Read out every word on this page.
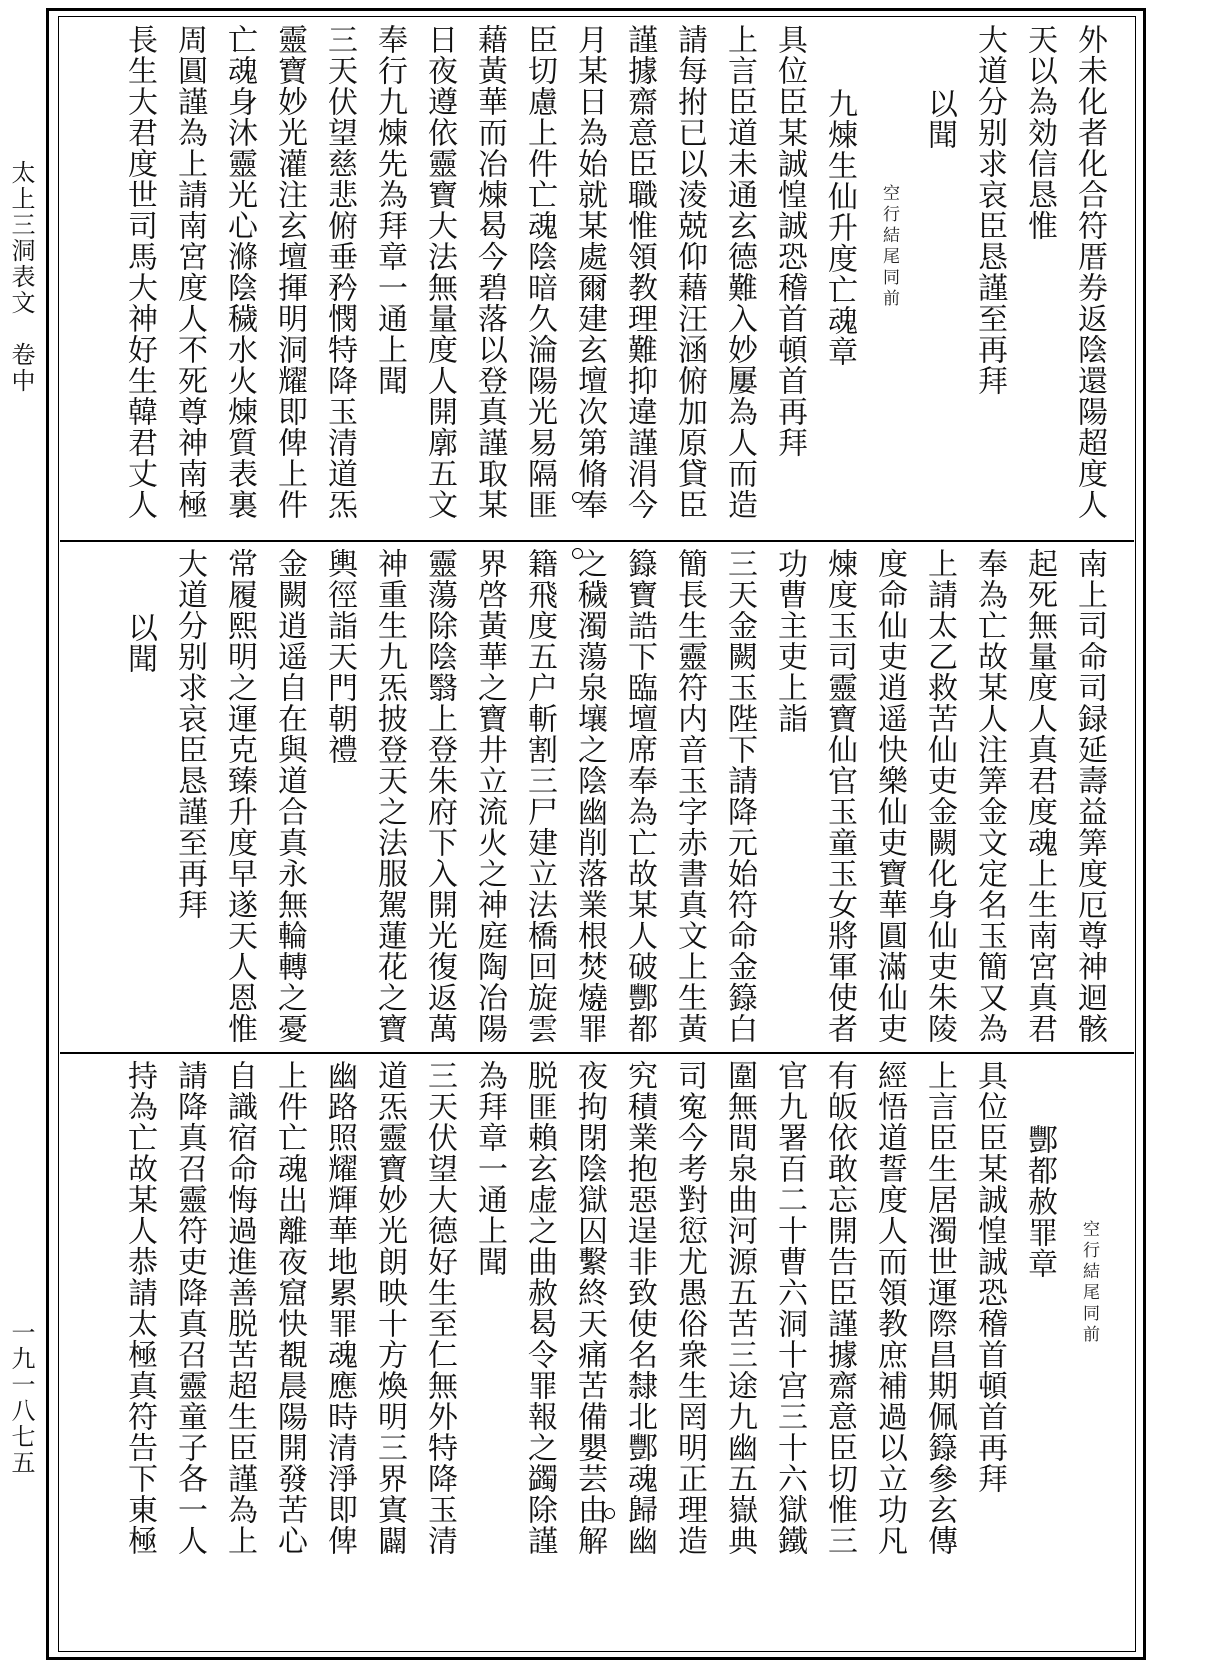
太上三洞表文　卷中
一九一八七五
外未化者化合符厝券返陰還陽超度人
天以為効信恳惟
大道分别求哀臣恳謹至再拜
以聞
空行結尾同前
九煉生仙升度亡魂章
具位臣某誠惶誠恐稽首頓首再拜
上言臣道未通玄德難入妙屢為人而造
請每拊已以淩兢仰藉汪涵俯加原貸臣
謹據齋意臣職惟領教理難抑違謹涓今
月某日為始就某處爾建玄壇次第脩奉
臣切慮上件亡魂陰暗久淪陽光易隔匪
藉黃華而冶煉曷今碧落以登真謹取某
日夜遵依靈寶大法無量度人開廓五文
奉行九煉先為拜章一通上聞
三天伏望慈悲俯垂矜憫特降玉清道炁
靈寶妙光灌注玄壇揮明洞耀即俾上件
亡魂身沐靈光心滌陰穢水火煉質表裏
周圓謹為上請南宮度人不死尊神南極
長生大君度世司馬大神好生韓君丈人
南上司命司録延壽益筭度厄尊神迴骸
起死無量度人真君度魂上生南宮真君
奉為亡故某人注筭金文定名玉簡又為
上請太乙救苦仙吏金闕化身仙吏朱陵
度命仙吏逍遥快樂仙吏寶華圓滿仙吏
煉度玉司靈寶仙官玉童玉女將軍使者
功曹主吏上詣
三天金闕玉陛下請降元始符命金籙白
簡長生靈符内音玉字赤書真文上生黃
籙寶誥下臨壇席奉為亡故某人破酆都
之穢濁蕩泉壤之陰幽削落業根焚燒罪
籍飛度五户斬割三尸建立法橋回旋雲
界啓黃華之寶井立流火之神庭陶冶陽
靈蕩除陰翳上登朱府下入開光復返萬
神重生九炁披登天之法服駕蓮花之寶
輿徑詣天門朝禮
金闕逍遥自在與道合真永無輪轉之憂
常履熙明之運克臻升度早遂天人恩惟
大道分别求哀臣恳謹至再拜
以聞
空行結尾同前
酆都赦罪章
具位臣某誠惶誠恐稽首頓首再拜
上言臣生居濁世運際昌期佩籙參玄傳
經悟道誓度人而領教庶補過以立功凡
有皈依敢忘開告臣謹據齋意臣切惟三
官九署百二十曹六洞十宫三十六獄鐵
圍無間泉曲河源五苦三途九幽五嶽典
司寃今考對愆尤愚俗衆生罔明正理造
究積業抱惡逞非致使名隸北酆魂歸幽
夜拘閉陰獄囚繫終天痛苦備嬰芸由解
脱匪賴玄虚之曲赦曷令罪報之蠲除謹
為拜章一通上聞
三天伏望大德好生至仁無外特降玉清
道炁靈寶妙光朗映十方煥明三界寘闢
幽路照耀輝華地累罪魂應時清淨即俾
上件亡魂出離夜窟快覩晨陽開發苦心
自識宿命悔過進善脱苦超生臣謹為上
請降真召靈符吏降真召靈童子各一人
持為亡故某人恭請太極真符告下東極
